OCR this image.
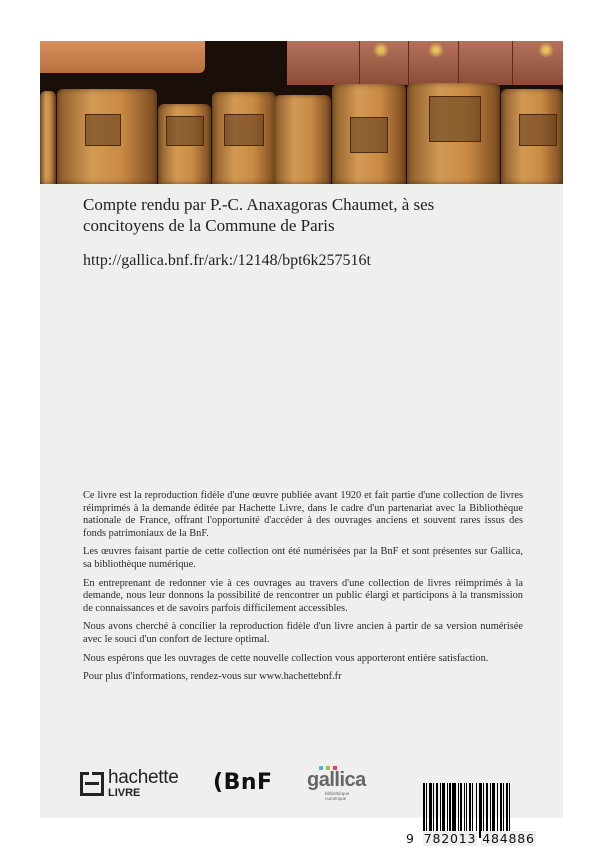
Compte rendu par P.-C. Anaxagoras Chaumet, à ses
concitoyens de la Commune de Paris

http://gallica.bnf.fr/ark:/12148/bpt6k257516t

Ce livre est la reproduction fidèle d'une œuvre publiée avant 1920 et fait partie d'une collection de livres réimprimés à la demande éditée par Hachette Livre, dans le cadre d'un partenariat avec la Bibliothèque nationale de France, offrant l'opportunité d'accéder à des ouvrages anciens et souvent rares issus des fonds patrimoniaux de la BnF.

Les œuvres faisant partie de cette collection ont été numérisées par la BnF et sont présentes sur Gallica, sa bibliothèque numérique.

En entreprenant de redonner vie à ces ouvrages au travers d'une collection de livres réimprimés à la demande, nous leur donnons la possibilité de rencontrer un public élargi et participons à la transmission de connaissances et de savoirs parfois difficilement accessibles.

Nous avons cherché à concilier la reproduction fidèle d'un livre ancien à partir de sa version numérisée avec le souci d'un confort de lecture optimal.

Nous espérons que les ouvrages de cette nouvelle collection vous apporteront entière satisfaction.

Pour plus d'informations, rendez-vous sur www.hachettebnf.fr

hachette
LIVRE	(BnF gallica
bibliothèque numérique
9 782013 484886
